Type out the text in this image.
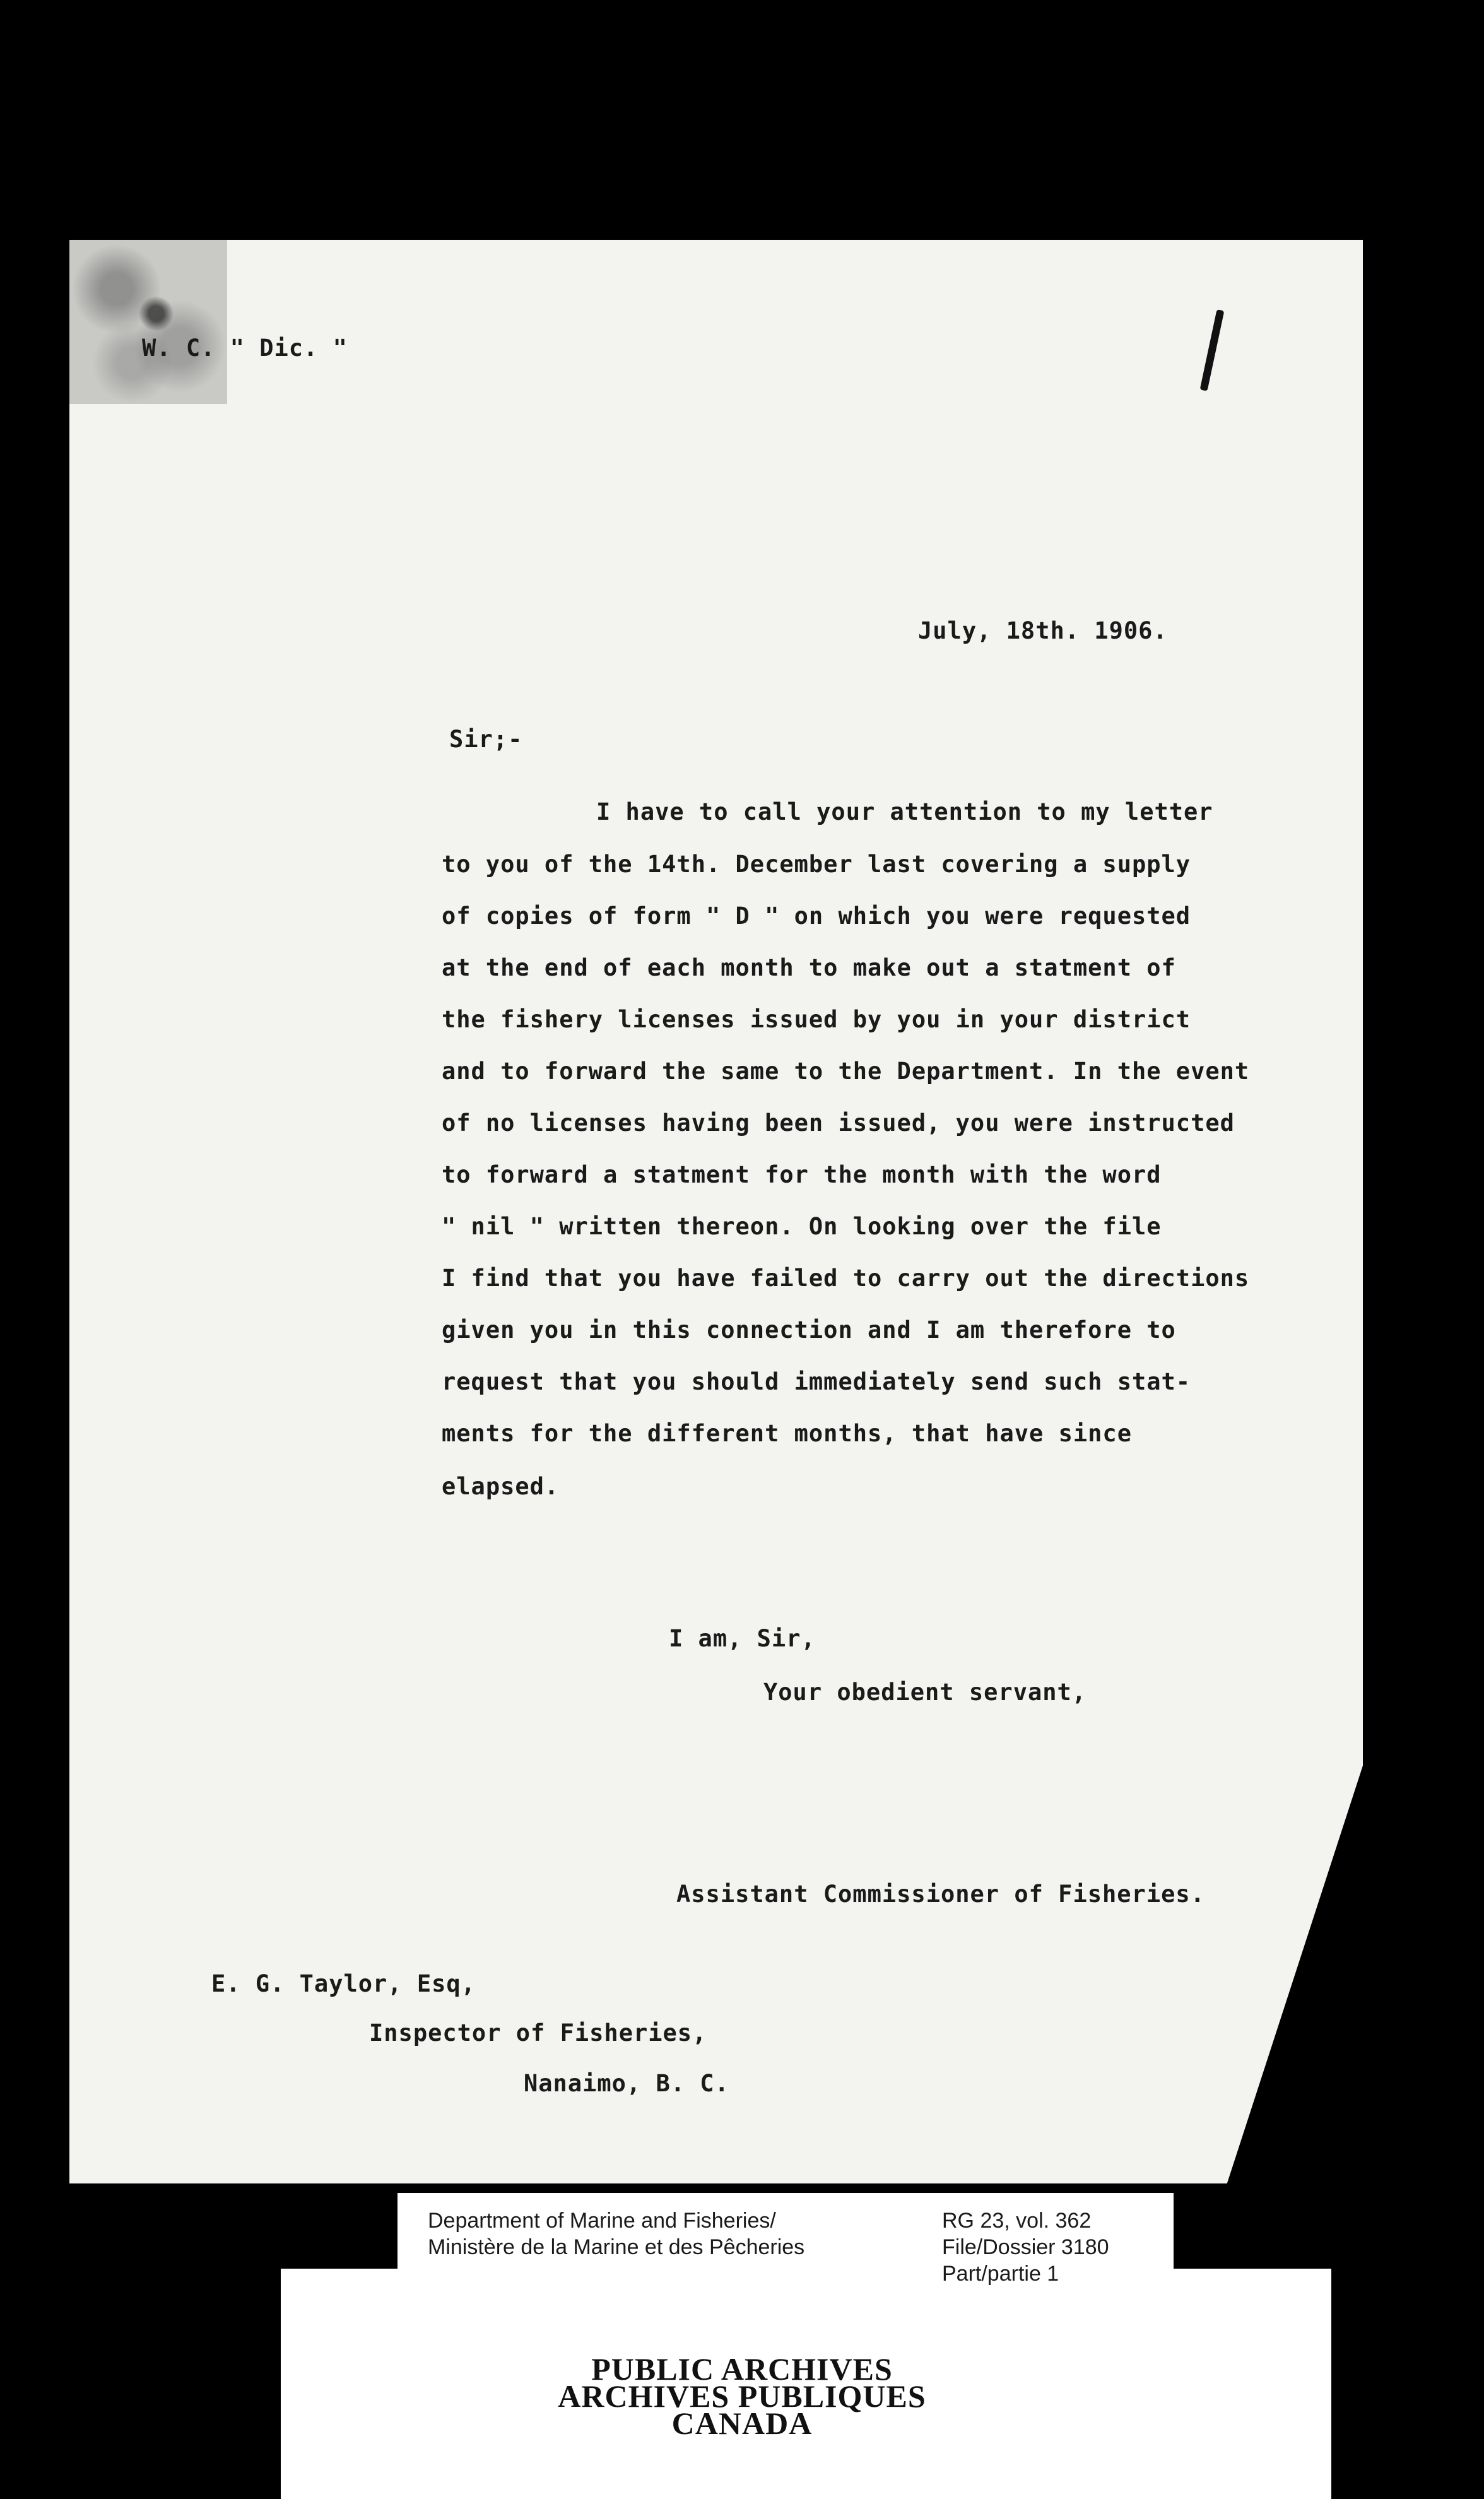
W. C. " Dic. "
July, 18th. 1906.
Sir;-
I have to call your attention to my letter
to you of the 14th. December last covering a supply
of copies of form " D " on which you were requested
at the end of each month to make out a statment of
the fishery licenses issued by you in your district
and to forward the same to the Department. In the event
of no licenses having been issued, you were instructed
to forward a statment for the month with the word
" nil " written thereon. On looking over the file
I find that you have failed to carry out the directions
given you in this connection and I am therefore to
request that you should immediately send such stat-
ments for the different months, that have since
elapsed.
I am, Sir,
Your obedient servant,
Assistant Commissioner of Fisheries.
E. G. Taylor, Esq,
Inspector of Fisheries,
Nanaimo, B. C.
Department of Marine and Fisheries/
Ministère de la Marine et des Pêcheries
RG 23, vol. 362
File/Dossier 3180
Part/partie 1
PUBLIC ARCHIVES
ARCHIVES PUBLIQUES
CANADA
